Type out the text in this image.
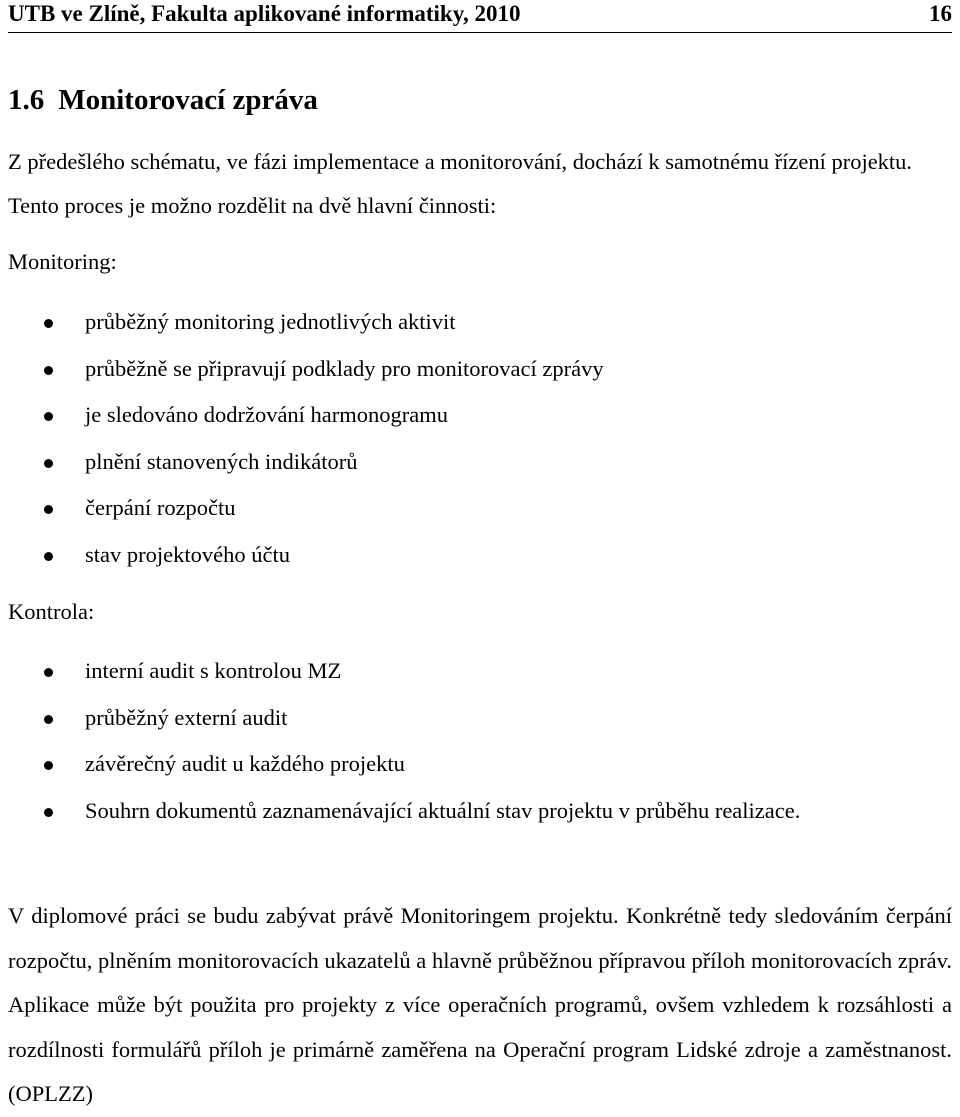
UTB ve Zlíně, Fakulta aplikované informatiky, 2010	16
1.6 Monitorovací zpráva
Z předešlého schématu, ve fázi implementace a monitorování, dochází k samotnému řízení projektu. Tento proces je možno rozdělit na dvě hlavní činnosti:
Monitoring:
průběžný monitoring jednotlivých aktivit
průběžně se připravují podklady pro monitorovací zprávy
je sledováno dodržování harmonogramu
plnění stanovených indikátorů
čerpání rozpočtu
stav projektového účtu
Kontrola:
interní audit s kontrolou MZ
průběžný externí audit
závěrečný audit u každého projektu
Souhrn dokumentů zaznamenávající aktuální stav projektu v průběhu realizace.
V diplomové práci se budu zabývat právě Monitoringem projektu. Konkrétně tedy sledováním čerpání rozpočtu, plněním monitorovacích ukazatelů a hlavně průběžnou přípravou příloh monitorovacích zpráv. Aplikace může být použita pro projekty z více operačních programů, ovšem vzhledem k rozsáhlosti a rozdílnosti formulářů příloh je primárně zaměřena na Operační program Lidské zdroje a zaměstnanost. (OPLZZ)
